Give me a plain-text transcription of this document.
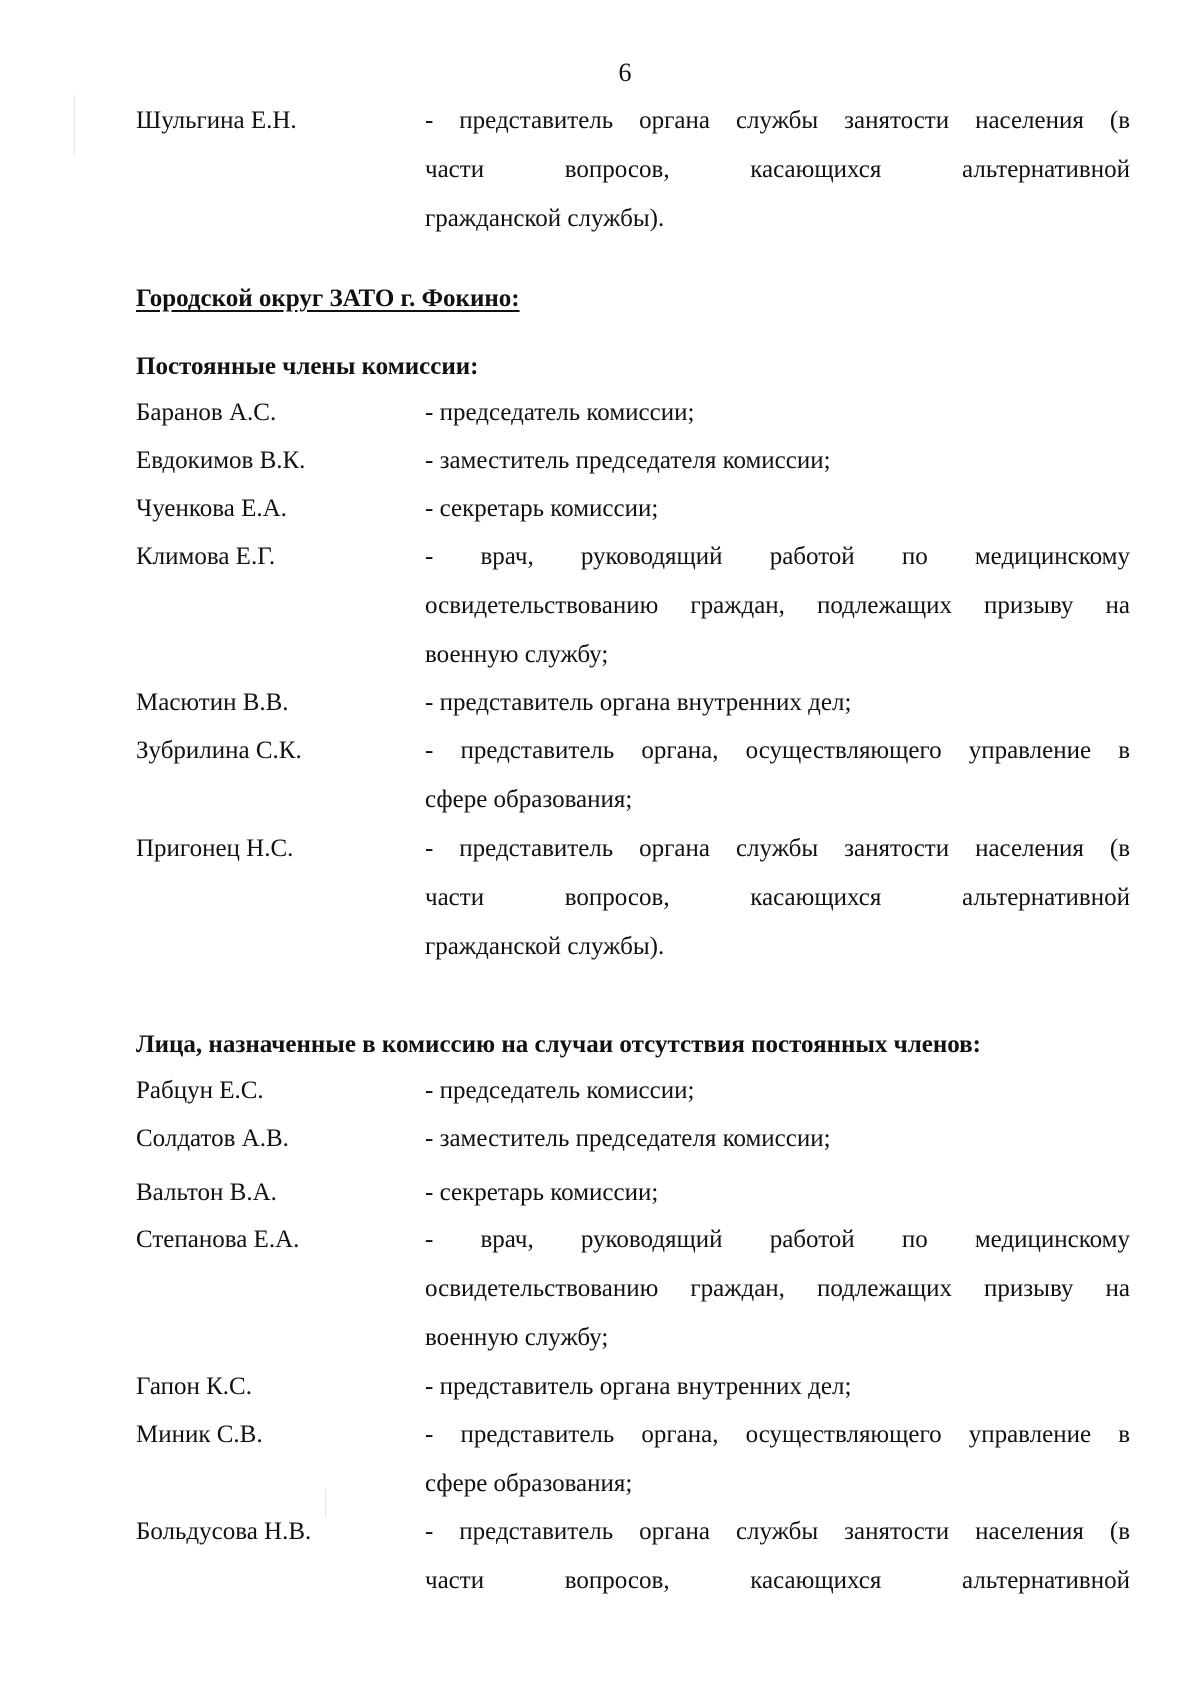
6
Шульгина Е.Н.	- представитель органа службы занятости населения (в
части вопросов, касающихся альтернативной
гражданской службы).
Городской округ ЗАТО г. Фокино:
Постоянные члены комиссии:
Баранов А.С.	- председатель комиссии;
Евдокимов В.К.	- заместитель председателя комиссии;
Чуенкова Е.А.	- секретарь комиссии;
Климова Е.Г.	- врач, руководящий работой по медицинскому
освидетельствованию граждан, подлежащих призыву на
военную службу;
Масютин В.В.	- представитель органа внутренних дел;
Зубрилина С.К.	- представитель органа, осуществляющего управление в
сфере образования;
Пригонец Н.С.	- представитель органа службы занятости населения (в
части вопросов, касающихся альтернативной
гражданской службы).
Лица, назначенные в комиссию на случаи отсутствия постоянных членов:
Рабцун Е.С.	- председатель комиссии;
Солдатов А.В.	- заместитель председателя комиссии;
Вальтон В.А.	- секретарь комиссии;
Степанова Е.А.	- врач, руководящий работой по медицинскому
освидетельствованию граждан, подлежащих призыву на
военную службу;
Гапон К.С.	- представитель органа внутренних дел;
Миник С.В.	- представитель органа, осуществляющего управление в
сфере образования;
Больдусова Н.В.	- представитель органа службы занятости населения (в
части вопросов, касающихся альтернативной
